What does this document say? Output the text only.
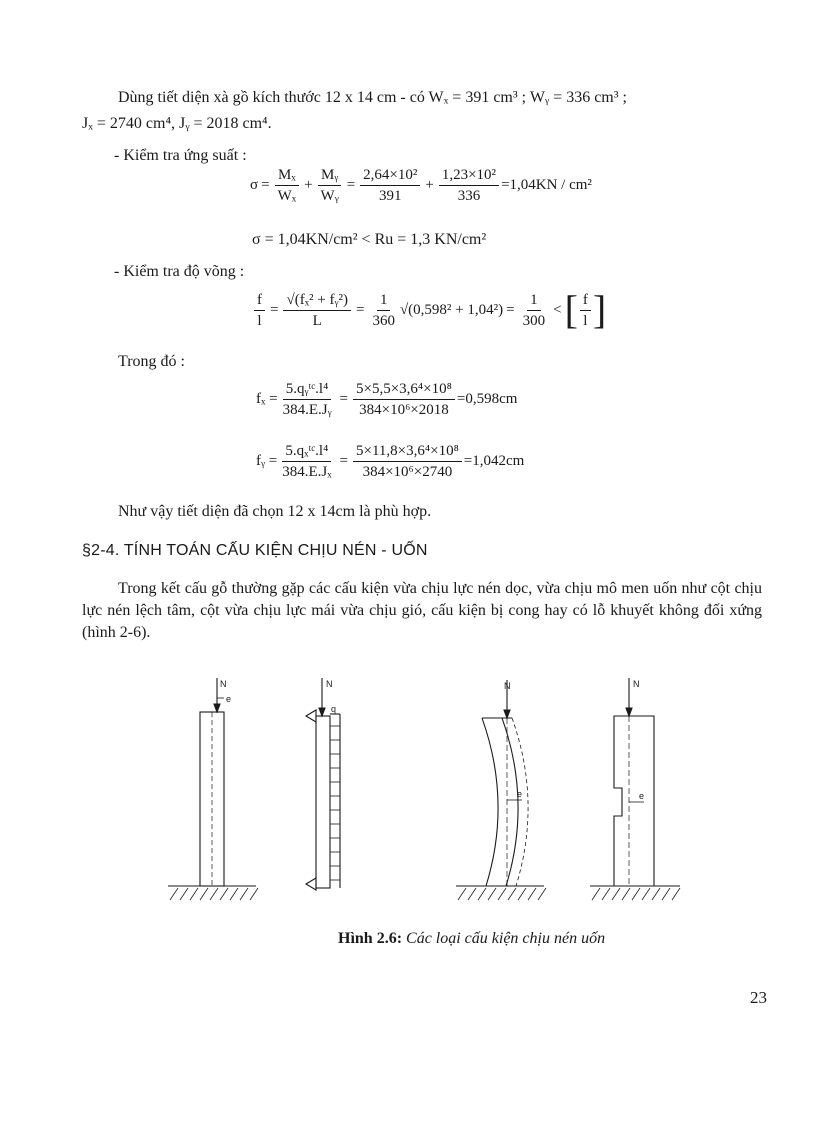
Dùng tiết diện xà gồ kích thước 12 x 14 cm - có Wₓ = 391 cm³ ; Wᵧ = 336 cm³ ;
Jₓ = 2740 cm⁴, Jᵧ = 2018 cm⁴.
- Kiểm tra ứng suất :
$\sigma = \frac{\text{Mₓ}}{\text{Wₓ}} + \frac{\text{Mᵧ}}{\text{Wᵧ}} = \frac{\text{2,64×10²}}{391} + \frac{\text{1,23×10²}}{336} =1,04KN / cm^2$
σ = 1,04KN/cm² < Ru = 1,3 KN/cm²
- Kiểm tra độ võng :
$\frac{f}{l} = \frac{\text{√(fₓ² + fᵧ²)}}{L} = \frac{1}{360} √(0,598^2 + 1,04^2) = \frac{1}{300}$ < [ $\frac{f}{l}$ ]
Trong đó :
$f_x = \frac{\text{5.qᵧᵗᶜ.l⁴}}{\text{384.E.Jᵧ}} = \frac{\text{5×5,5×3,6⁴×10⁸}}{\text{384×10⁶×2018}} =0,598cm$
fᵧ = $\frac{\text{5.qₓᵗᶜ.l⁴}}{\text{384.E.Jₓ}} = \frac{\text{5×11,8×3,6⁴×10⁸}}{\text{384×10⁶×2740}} =1,042cm$
Như vậy tiết diện đã chọn 12 x 14cm là phù hợp.
§2-4. TÍNH TOÁN CẤU KIỆN CHỊU NÉN - UỐN
Trong kết cấu gỗ thường gặp các cấu kiện vừa chịu lực nén dọc, vừa chịu mô men uốn như cột chịu lực nén lệch tâm, cột vừa chịu lực mái vừa chịu gió, cấu kiện bị cong hay có lỗ khuyết không đối xứng (hình 2-6).
N
e
N
q
N
e
N
e
Hình 2.6: Các loại cấu kiện chịu nén uốn
23
